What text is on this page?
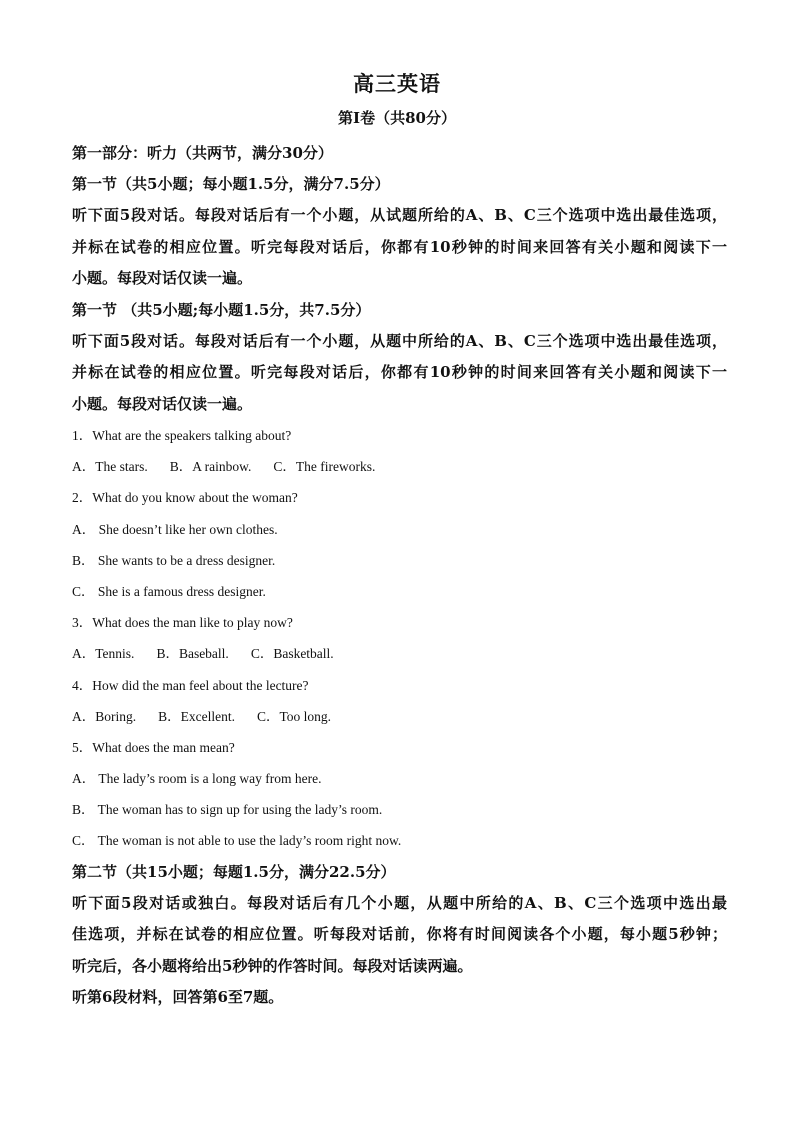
高三英语
第I卷（共80分）
第一部分：听力（共两节，满分30分）
第一节（共5小题；每小题1.5分，满分7.5分）
听下面5段对话。每段对话后有一个小题，从试题所给的A、B、C三个选项中选出最佳选项，
并标在试卷的相应位置。听完每段对话后，你都有10秒钟的时间来回答有关小题和阅读下一
小题。每段对话仅读一遍。
第一节 （共5小题;每小题1.5分，共7.5分）
听下面5段对话。每段对话后有一个小题，从题中所给的A、B、C三个选项中选出最佳选项，
并标在试卷的相应位置。听完每段对话后，你都有10秒钟的时间来回答有关小题和阅读下一
小题。每段对话仅读一遍。
1．What are the speakers talking about?
A．The stars. B．A rainbow. C．The fireworks.
2．What do you know about the woman?
A． She doesn’t like her own clothes.
B． She wants to be a dress designer.
C． She is a famous dress designer.
3．What does the man like to play now?
A．Tennis. B．Baseball. C．Basketball.
4．How did the man feel about the lecture?
A．Boring. B．Excellent. C．Too long.
5．What does the man mean?
A． The lady’s room is a long way from here.
B． The woman has to sign up for using the lady’s room.
C． The woman is not able to use the lady’s room right now.
第二节（共15小题；每题1.5分，满分22.5分）
听下面5段对话或独白。每段对话后有几个小题，从题中所给的A、B、C三个选项中选出最
佳选项，并标在试卷的相应位置。听每段对话前，你将有时间阅读各个小题，每小题5秒钟；
听完后，各小题将给出5秒钟的作答时间。每段对话读两遍。
听第6段材料，回答第6至7题。
